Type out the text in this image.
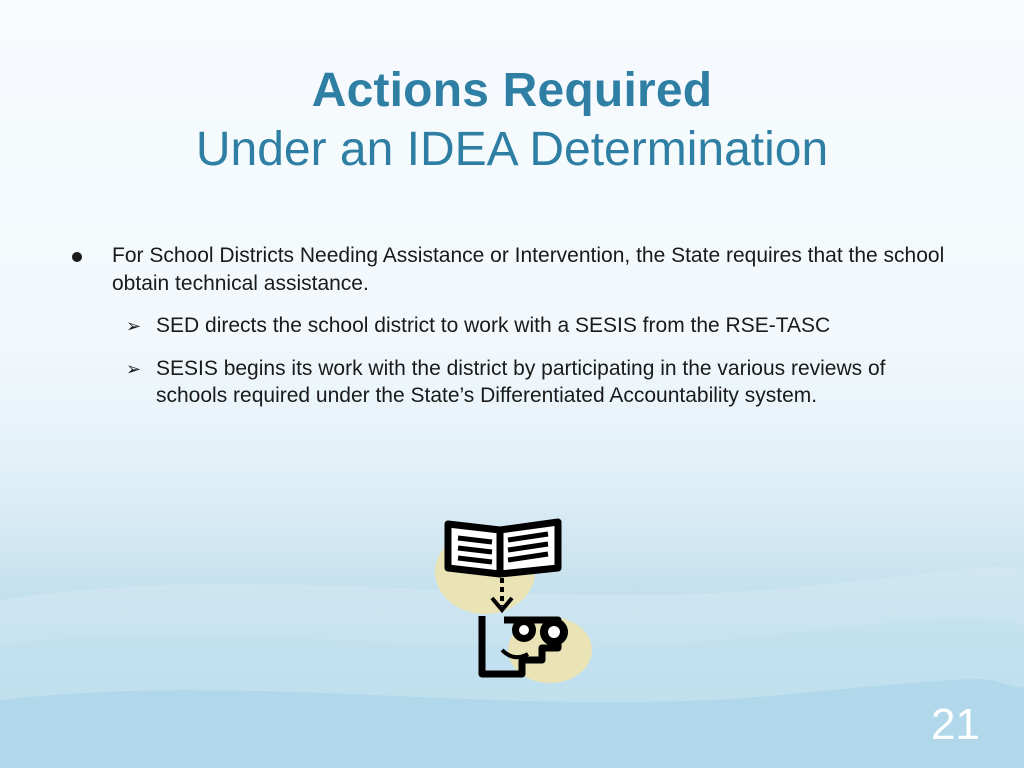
Actions Required
Under an IDEA Determination
For School Districts Needing Assistance or Intervention, the State requires that the school obtain technical assistance.
➢ SED directs the school district to work with a SESIS from the RSE-TASC
➢ SESIS begins its work with the district by participating in the various reviews of schools required under the State’s Differentiated Accountability system.
21
